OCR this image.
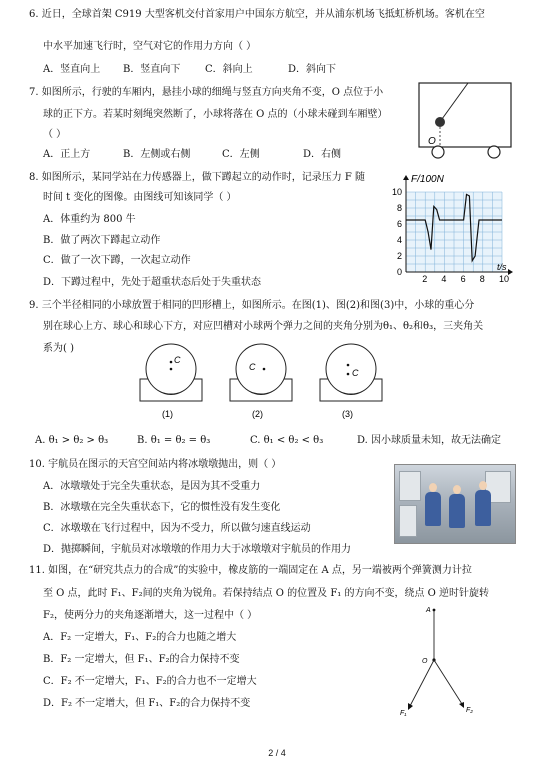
6. 近日，全球首架 C919 大型客机交付首家用户中国东方航空，并从浦东机场飞抵虹桥机场。客机在空
中水平加速飞行时，空气对它的作用力方向（ ）
A．竖直向上 B．竖直向下 C．斜向上	D．斜向下
7. 如图所示，行驶的车厢内，悬挂小球的细绳与竖直方向夹角不变，O 点位于小
球的正下方。若某时刻绳突然断了，小球将落在 O 点的（小球未碰到车厢壁）
（ ）
A．正上方	B．左侧或右侧	C．左侧	D．右侧
O
8. 如图所示，某同学站在力传感器上，做下蹲起立的动作时，记录压力 F 随
时间 t 变化的图像。由图线可知该同学（ ）
A．体重约为 800 牛
B．做了两次下蹲起立动作
C．做了一次下蹲，一次起立动作
D．下蹲过程中，先处于超重状态后处于失重状态
F/100N
t/s
2 4 6 8 10
0
2
4
6
8
10
9. 三个半径相同的小球放置于相同的凹形槽上，如图所示。在图(1)、图(2)和图(3)中，小球的重心分
别在球心上方、球心和球心下方，对应凹槽对小球两个弹力之间的夹角分别为θ₁、θ₂和θ₃，三夹角关
系为( )
C
(1)
C
(2)
C
(3)
A. θ₁ > θ₂ > θ₃	B. θ₁ = θ₂ = θ₃	C. θ₁ < θ₂ < θ₃	D. 因小球质量未知，故无法确定
10. 宇航员在图示的天宫空间站内将冰墩墩抛出，则（ ）
A．冰墩墩处于完全失重状态，是因为其不受重力
B．冰墩墩在完全失重状态下，它的惯性没有发生变化
C．冰墩墩在飞行过程中，因为不受力，所以做匀速直线运动
D．抛掷瞬间，宇航员对冰墩墩的作用力大于冰墩墩对宇航员的作用力
11. 如图，在“研究共点力的合成”的实验中，橡皮筋的一端固定在 A 点，另一端被两个弹簧测力计拉
至 O 点，此时 F₁、F₂间的夹角为锐角。若保持结点 O 的位置及 F₁ 的方向不变，绕点 O 逆时针旋转
F₂，使两分力的夹角逐渐增大，这一过程中（ ）
A．F₂ 一定增大，F₁、F₂的合力也随之增大
B．F₂ 一定增大，但 F₁、F₂的合力保持不变
C．F₂ 不一定增大，F₁、F₂的合力也不一定增大
D．F₂ 不一定增大，但 F₁、F₂的合力保持不变
A
O
F₁	F₂
2 / 4
